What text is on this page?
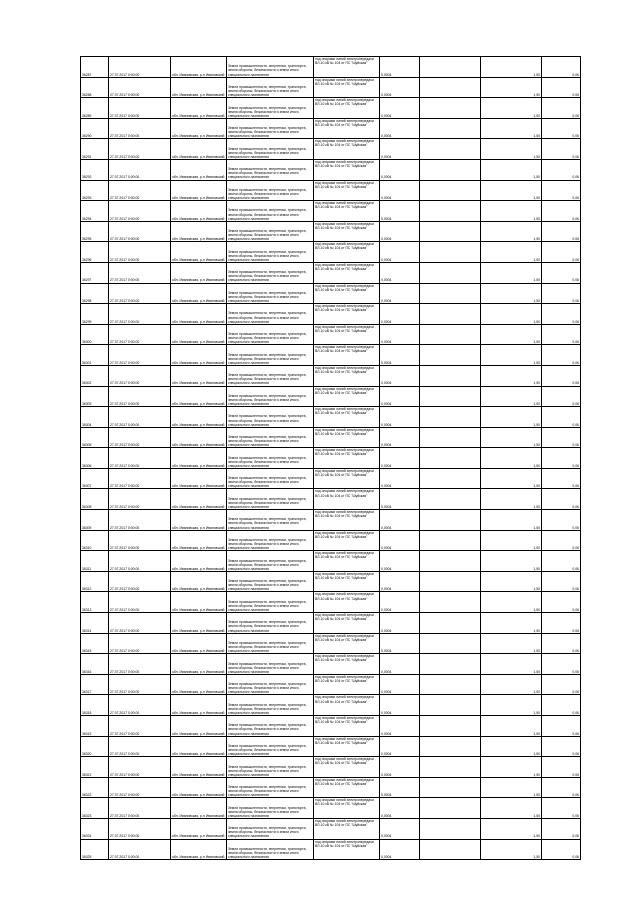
36287	27.07.2017 0:00:00	обл. Ивановская, р-н Ивановский	Земли промышленности, энергетики, транспорта, земли обороны, безопасности и земли иного специального назначения	под опорами линий электропередачи ВЛ-10 кВ № 104 от ПС "Шуйская"	0,0004		1,50	0,06
36288	27.07.2017 0:00:00	обл. Ивановская, р-н Ивановский	Земли промышленности, энергетики, транспорта, земли обороны, безопасности и земли иного специального назначения	под опорами линий электропередачи ВЛ-10 кВ № 104 от ПС "Шуйская"	0,0004		1,50	0,06
36289	27.07.2017 0:00:00	обл. Ивановская, р-н Ивановский	Земли промышленности, энергетики, транспорта, земли обороны, безопасности и земли иного специального назначения	под опорами линий электропередачи ВЛ-10 кВ № 104 от ПС "Шуйская"	0,0004		1,50	0,06
36290	27.07.2017 0:00:00	обл. Ивановская, р-н Ивановский	Земли промышленности, энергетики, транспорта, земли обороны, безопасности и земли иного специального назначения	под опорами линий электропередачи ВЛ-10 кВ № 104 от ПС "Шуйская"	0,0004		1,50	0,06
36291	27.07.2017 0:00:00	обл. Ивановская, р-н Ивановский	Земли промышленности, энергетики, транспорта, земли обороны, безопасности и земли иного специального назначения	под опорами линий электропередачи ВЛ-10 кВ № 104 от ПС "Шуйская"	0,0004		1,50	0,06
36292	27.07.2017 0:00:00	обл. Ивановская, р-н Ивановский	Земли промышленности, энергетики, транспорта, земли обороны, безопасности и земли иного специального назначения	под опорами линий электропередачи ВЛ-10 кВ № 104 от ПС "Шуйская"	0,0004		1,50	0,06
36293	27.07.2017 0:00:00	обл. Ивановская, р-н Ивановский	Земли промышленности, энергетики, транспорта, земли обороны, безопасности и земли иного специального назначения	под опорами линий электропередачи ВЛ-10 кВ № 104 от ПС "Шуйская"	0,0004		1,50	0,06
36294	27.07.2017 0:00:00	обл. Ивановская, р-н Ивановский	Земли промышленности, энергетики, транспорта, земли обороны, безопасности и земли иного специального назначения	под опорами линий электропередачи ВЛ-10 кВ № 104 от ПС "Шуйская"	0,0004		1,50	0,06
36295	27.07.2017 0:00:00	обл. Ивановская, р-н Ивановский	Земли промышленности, энергетики, транспорта, земли обороны, безопасности и земли иного специального назначения	под опорами линий электропередачи ВЛ-10 кВ № 104 от ПС "Шуйская"	0,0004		1,50	0,06
36296	27.07.2017 0:00:00	обл. Ивановская, р-н Ивановский	Земли промышленности, энергетики, транспорта, земли обороны, безопасности и земли иного специального назначения	под опорами линий электропередачи ВЛ-10 кВ № 104 от ПС "Шуйская"	0,0004		1,50	0,06
36297	27.07.2017 0:00:00	обл. Ивановская, р-н Ивановский	Земли промышленности, энергетики, транспорта, земли обороны, безопасности и земли иного специального назначения	под опорами линий электропередачи ВЛ-10 кВ № 104 от ПС "Шуйская"	0,0004		1,50	0,06
36298	27.07.2017 0:00:00	обл. Ивановская, р-н Ивановский	Земли промышленности, энергетики, транспорта, земли обороны, безопасности и земли иного специального назначения	под опорами линий электропередачи ВЛ-10 кВ № 104 от ПС "Шуйская"	0,0004		1,50	0,06
36299	27.07.2017 0:00:00	обл. Ивановская, р-н Ивановский	Земли промышленности, энергетики, транспорта, земли обороны, безопасности и земли иного специального назначения	под опорами линий электропередачи ВЛ-10 кВ № 104 от ПС "Шуйская"	0,0004		1,50	0,06
36300	27.07.2017 0:00:00	обл. Ивановская, р-н Ивановский	Земли промышленности, энергетики, транспорта, земли обороны, безопасности и земли иного специального назначения	под опорами линий электропередачи ВЛ-10 кВ № 104 от ПС "Шуйская"	0,0004		1,50	0,06
36301	27.07.2017 0:00:00	обл. Ивановская, р-н Ивановский	Земли промышленности, энергетики, транспорта, земли обороны, безопасности и земли иного специального назначения	под опорами линий электропередачи ВЛ-10 кВ № 104 от ПС "Шуйская"	0,0004		1,50	0,06
36302	27.07.2017 0:00:00	обл. Ивановская, р-н Ивановский	Земли промышленности, энергетики, транспорта, земли обороны, безопасности и земли иного специального назначения	под опорами линий электропередачи ВЛ-10 кВ № 104 от ПС "Шуйская"	0,0004		1,50	0,06
36303	27.07.2017 0:00:00	обл. Ивановская, р-н Ивановский	Земли промышленности, энергетики, транспорта, земли обороны, безопасности и земли иного специального назначения	под опорами линий электропередачи ВЛ-10 кВ № 104 от ПС "Шуйская"	0,0004		1,50	0,06
36304	27.07.2017 0:00:00	обл. Ивановская, р-н Ивановский	Земли промышленности, энергетики, транспорта, земли обороны, безопасности и земли иного специального назначения	под опорами линий электропередачи ВЛ-10 кВ № 104 от ПС "Шуйская"	0,0004		1,50	0,06
36305	27.07.2017 0:00:00	обл. Ивановская, р-н Ивановский	Земли промышленности, энергетики, транспорта, земли обороны, безопасности и земли иного специального назначения	под опорами линий электропередачи ВЛ-10 кВ № 104 от ПС "Шуйская"	0,0004		1,50	0,06
36306	27.07.2017 0:00:00	обл. Ивановская, р-н Ивановский	Земли промышленности, энергетики, транспорта, земли обороны, безопасности и земли иного специального назначения	под опорами линий электропередачи ВЛ-10 кВ № 104 от ПС "Шуйская"	0,0004		1,50	0,06
36307	27.07.2017 0:00:00	обл. Ивановская, р-н Ивановский	Земли промышленности, энергетики, транспорта, земли обороны, безопасности и земли иного специального назначения	под опорами линий электропередачи ВЛ-10 кВ № 104 от ПС "Шуйская"	0,0004		1,50	0,06
36308	27.07.2017 0:00:00	обл. Ивановская, р-н Ивановский	Земли промышленности, энергетики, транспорта, земли обороны, безопасности и земли иного специального назначения	под опорами линий электропередачи ВЛ-10 кВ № 104 от ПС "Шуйская"	0,0004		1,50	0,06
36309	27.07.2017 0:00:00	обл. Ивановская, р-н Ивановский	Земли промышленности, энергетики, транспорта, земли обороны, безопасности и земли иного специального назначения	под опорами линий электропередачи ВЛ-10 кВ № 104 от ПС "Шуйская"	0,0004		1,50	0,06
36310	27.07.2017 0:00:00	обл. Ивановская, р-н Ивановский	Земли промышленности, энергетики, транспорта, земли обороны, безопасности и земли иного специального назначения	под опорами линий электропередачи ВЛ-10 кВ № 104 от ПС "Шуйская"	0,0004		1,50	0,06
36311	27.07.2017 0:00:00	обл. Ивановская, р-н Ивановский	Земли промышленности, энергетики, транспорта, земли обороны, безопасности и земли иного специального назначения	под опорами линий электропередачи ВЛ-10 кВ № 104 от ПС "Шуйская"	0,0004		1,50	0,06
36312	27.07.2017 0:00:00	обл. Ивановская, р-н Ивановский	Земли промышленности, энергетики, транспорта, земли обороны, безопасности и земли иного специального назначения	под опорами линий электропередачи ВЛ-10 кВ № 104 от ПС "Шуйская"	0,0004		1,50	0,06
36313	27.07.2017 0:00:00	обл. Ивановская, р-н Ивановский	Земли промышленности, энергетики, транспорта, земли обороны, безопасности и земли иного специального назначения	под опорами линий электропередачи ВЛ-10 кВ № 104 от ПС "Шуйская"	0,0004		1,50	0,06
36314	27.07.2017 0:00:00	обл. Ивановская, р-н Ивановский	Земли промышленности, энергетики, транспорта, земли обороны, безопасности и земли иного специального назначения	под опорами линий электропередачи ВЛ-10 кВ № 104 от ПС "Шуйская"	0,0004		1,50	0,06
36315	27.07.2017 0:00:00	обл. Ивановская, р-н Ивановский	Земли промышленности, энергетики, транспорта, земли обороны, безопасности и земли иного специального назначения	под опорами линий электропередачи ВЛ-10 кВ № 104 от ПС "Шуйская"	0,0004		1,50	0,06
36316	27.07.2017 0:00:00	обл. Ивановская, р-н Ивановский	Земли промышленности, энергетики, транспорта, земли обороны, безопасности и земли иного специального назначения	под опорами линий электропередачи ВЛ-10 кВ № 104 от ПС "Шуйская"	0,0004		1,50	0,06
36317	27.07.2017 0:00:00	обл. Ивановская, р-н Ивановский	Земли промышленности, энергетики, транспорта, земли обороны, безопасности и земли иного специального назначения	под опорами линий электропередачи ВЛ-10 кВ № 104 от ПС "Шуйская"	0,0004		1,50	0,06
36318	27.07.2017 0:00:00	обл. Ивановская, р-н Ивановский	Земли промышленности, энергетики, транспорта, земли обороны, безопасности и земли иного специального назначения	под опорами линий электропередачи ВЛ-10 кВ № 104 от ПС "Шуйская"	0,0004		1,50	0,06
36319	27.07.2017 0:00:00	обл. Ивановская, р-н Ивановский	Земли промышленности, энергетики, транспорта, земли обороны, безопасности и земли иного специального назначения	под опорами линий электропередачи ВЛ-10 кВ № 104 от ПС "Шуйская"	0,0004		1,50	0,06
36320	27.07.2017 0:00:00	обл. Ивановская, р-н Ивановский	Земли промышленности, энергетики, транспорта, земли обороны, безопасности и земли иного специального назначения	под опорами линий электропередачи ВЛ-10 кВ № 104 от ПС "Шуйская"	0,0004		1,50	0,06
36321	27.07.2017 0:00:00	обл. Ивановская, р-н Ивановский	Земли промышленности, энергетики, транспорта, земли обороны, безопасности и земли иного специального назначения	под опорами линий электропередачи ВЛ-10 кВ № 104 от ПС "Шуйская"	0,0004		1,50	0,06
36322	27.07.2017 0:00:00	обл. Ивановская, р-н Ивановский	Земли промышленности, энергетики, транспорта, земли обороны, безопасности и земли иного специального назначения	под опорами линий электропередачи ВЛ-10 кВ № 104 от ПС "Шуйская"	0,0004		1,50	0,06
36323	27.07.2017 0:00:00	обл. Ивановская, р-н Ивановский	Земли промышленности, энергетики, транспорта, земли обороны, безопасности и земли иного специального назначения	под опорами линий электропередачи ВЛ-10 кВ № 104 от ПС "Шуйская"	0,0004		1,50	0,06
36324	27.07.2017 0:00:00	обл. Ивановская, р-н Ивановский	Земли промышленности, энергетики, транспорта, земли обороны, безопасности и земли иного специального назначения	под опорами линий электропередачи ВЛ-10 кВ № 104 от ПС "Шуйская"	0,0004		1,50	0,06
36325	27.07.2017 0:00:00	обл. Ивановская, р-н Ивановский	Земли промышленности, энергетики, транспорта, земли обороны, безопасности и земли иного специального назначения	под опорами линий электропередачи ВЛ-10 кВ № 104 от ПС "Шуйская"	0,0004		1,50	0,06
